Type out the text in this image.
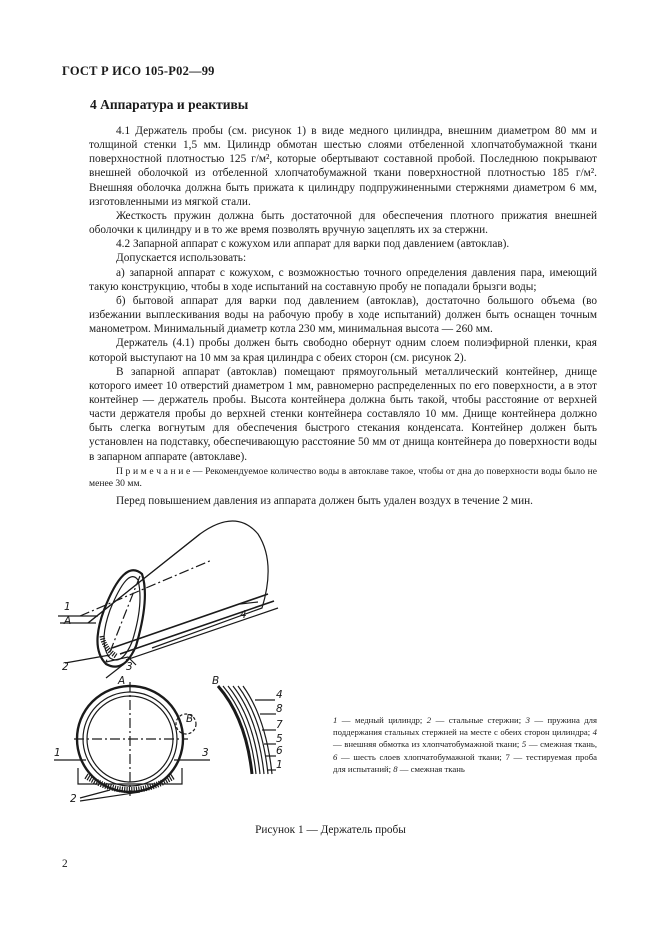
ГОСТ Р ИСО 105-Р02—99
4 Аппаратура и реактивы

4.1 Держатель пробы (см. рисунок 1) в виде медного цилиндра, внешним диаметром 80 мм и толщиной стенки 1,5 мм. Цилиндр обмотан шестью слоями отбеленной хлопчатобумажной ткани поверхностной плотностью 125 г/м², которые обертывают составной пробой. Последнюю покрывают внешней оболочкой из отбеленной хлопчатобумажной ткани поверхностной плотностью 185 г/м². Внешняя оболочка должна быть прижата к цилиндру подпружиненными стержнями диаметром 6 мм, изготовленными из мягкой стали.

Жесткость пружин должна быть достаточной для обеспечения плотного прижатия внешней оболочки к цилиндру и в то же время позволять вручную зацеплять их за стержни.

4.2 Запарной аппарат с кожухом или аппарат для варки под давлением (автоклав).

Допускается использовать:

а) запарной аппарат с кожухом, с возможностью точного определения давления пара, имеющий такую конструкцию, чтобы в ходе испытаний на составную пробу не попадали брызги воды;

б) бытовой аппарат для варки под давлением (автоклав), достаточно большого объема (во избежании выплескивания воды на рабочую пробу в ходе испытаний) должен быть оснащен точным манометром. Минимальный диаметр котла 230 мм, минимальная высота — 260 мм.

Держатель (4.1) пробы должен быть свободно обернут одним слоем полиэфирной пленки, края которой выступают на 10 мм за края цилиндра с обеих сторон (см. рисунок 2).

В запарной аппарат (автоклав) помещают прямоугольный металлический контейнер, днище которого имеет 10 отверстий диаметром 1 мм, равномерно распределенных по его поверхности, а в этот контейнер — держатель пробы. Высота контейнера должна быть такой, чтобы расстояние от верхней части держателя пробы до верхней стенки контейнера составляло 10 мм. Днище контейнера должно быть слегка вогнутым для обеспечения быстрого стекания конденсата. Контейнер должен быть установлен на подставку, обеспечивающую расстояние 50 мм от днища контейнера до поверхности воды в запарном аппарате (автоклаве).

П р и м е ч а н и е — Рекомендуемое количество воды в автоклаве такое, чтобы от дна до поверхности воды было не менее 30 мм.

Перед повышением давления из аппарата должен быть удален воздух в течение 2 мин.

1
А
2	3
А
4
В
4
8
7
5
6
1
В
1	3
2
1 — медный цилиндр; 2 — стальные стержни; 3 — пружина для поддержания стальных стержней на месте с обеих сторон цилиндра; 4 — внешняя обмотка из хлопчатобумажной ткани; 5 — смежная ткань, 6 — шесть слоев хлопчатобумажной ткани; 7 — тестируемая проба для испытаний; 8 — смежная ткань
Рисунок 1 — Держатель пробы
2
